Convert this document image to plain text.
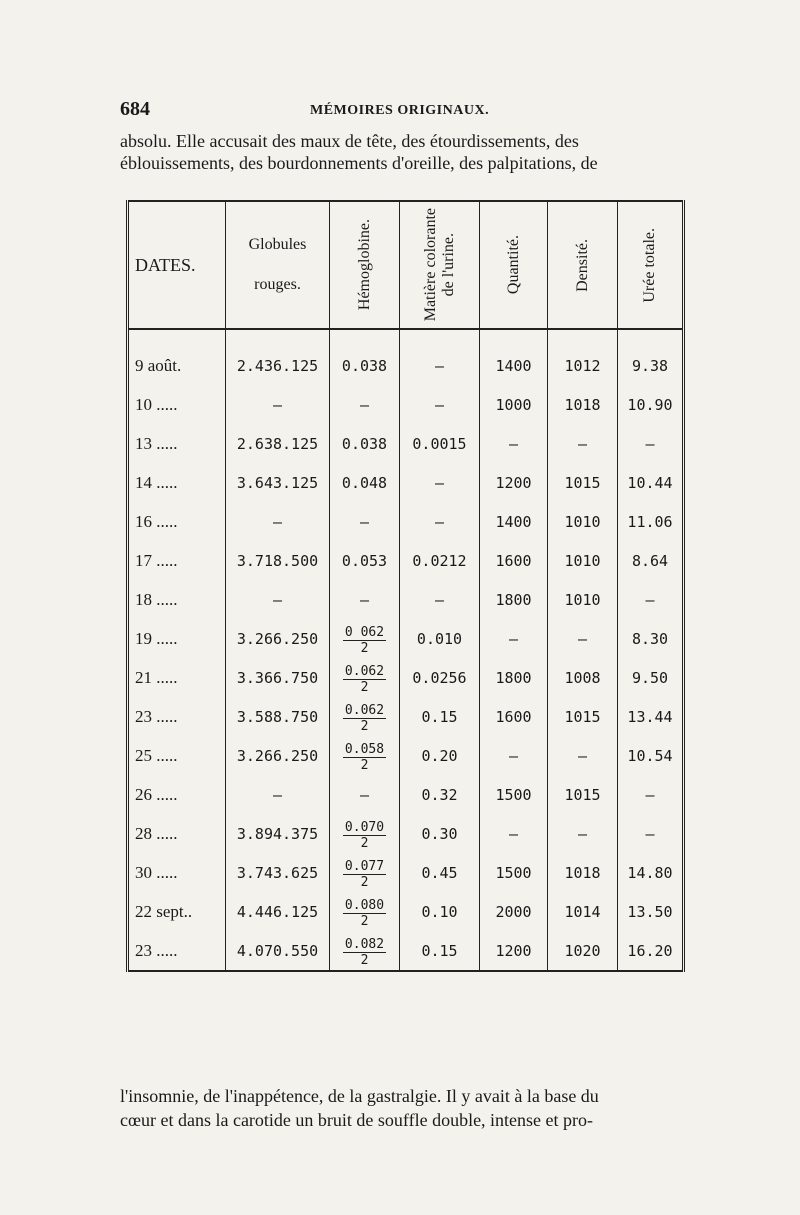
684	MÉMOIRES ORIGINAUX.
absolu. Elle accusait des maux de tête, des étourdissements, des
éblouissements, des bourdonnements d'oreille, des palpitations, de
DATES.	Globules
rouges.	Hémoglobine.	Matière colorante de l'urine.	Quantité.	Densité.	Urée totale.

9 août.	2.436.125	0.038	—	1400	1012	9.38
10 .....	—	—	—	1000	1018	10.90
13 .....	2.638.125	0.038	0.0015	—	—	—
14 .....	3.643.125	0.048	—	1200	1015	10.44
16 .....	—	—	—	1400	1010	11.06
17 .....	3.718.500	0.053	0.0212	1600	1010	8.64
18 .....	—	—	—	1800	1010	—
19 .....	3.266.250	$\frac{0 062}{2}$	0.010	—	—	8.30
21 .....	3.366.750	$\frac{0.062}{2}$	0.0256	1800	1008	9.50
23 .....	3.588.750	$\frac{0.062}{2}$	0.15	1600	1015	13.44
25 .....	3.266.250	$\frac{0.058}{2}$	0.20	—	—	10.54
26 .....	—	—	0.32	1500	1015	—
28 .....	3.894.375	$\frac{0.070}{2}$	0.30	—	—	—
30 .....	3.743.625	$\frac{0.077}{2}$	0.45	1500	1018	14.80
22 sept..	4.446.125	$\frac{0.080}{2}$	0.10	2000	1014	13.50
23 .....	4.070.550	$\frac{0.082}{2}$	0.15	1200	1020	16.20
l'insomnie, de l'inappétence, de la gastralgie. Il y avait à la base du
cœur et dans la carotide un bruit de souffle double, intense et pro-
